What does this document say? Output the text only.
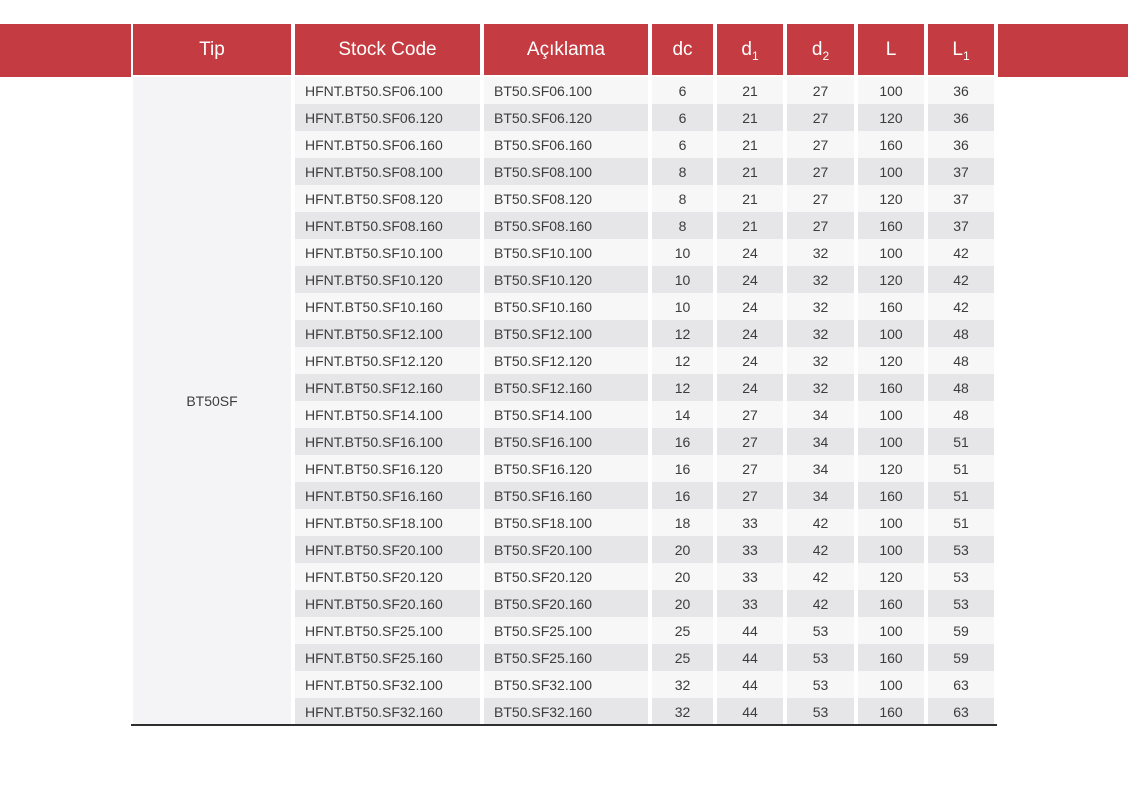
Tip	Stock Code	Açıklama	dc	$d_1$	$d_2$	L	$L_1$
BT50SF	HFNT.BT50.SF06.100	BT50.SF06.100	6	21	27	100	36
	HFNT.BT50.SF06.120	BT50.SF06.120	6	21	27	120	36
	HFNT.BT50.SF06.160	BT50.SF06.160	6	21	27	160	36
	HFNT.BT50.SF08.100	BT50.SF08.100	8	21	27	100	37
	HFNT.BT50.SF08.120	BT50.SF08.120	8	21	27	120	37
	HFNT.BT50.SF08.160	BT50.SF08.160	8	21	27	160	37
	HFNT.BT50.SF10.100	BT50.SF10.100	10	24	32	100	42
	HFNT.BT50.SF10.120	BT50.SF10.120	10	24	32	120	42
	HFNT.BT50.SF10.160	BT50.SF10.160	10	24	32	160	42
	HFNT.BT50.SF12.100	BT50.SF12.100	12	24	32	100	48
	HFNT.BT50.SF12.120	BT50.SF12.120	12	24	32	120	48
	HFNT.BT50.SF12.160	BT50.SF12.160	12	24	32	160	48
	HFNT.BT50.SF14.100	BT50.SF14.100	14	27	34	100	48
	HFNT.BT50.SF16.100	BT50.SF16.100	16	27	34	100	51
	HFNT.BT50.SF16.120	BT50.SF16.120	16	27	34	120	51
	HFNT.BT50.SF16.160	BT50.SF16.160	16	27	34	160	51
	HFNT.BT50.SF18.100	BT50.SF18.100	18	33	42	100	51
	HFNT.BT50.SF20.100	BT50.SF20.100	20	33	42	100	53
	HFNT.BT50.SF20.120	BT50.SF20.120	20	33	42	120	53
	HFNT.BT50.SF20.160	BT50.SF20.160	20	33	42	160	53
	HFNT.BT50.SF25.100	BT50.SF25.100	25	44	53	100	59
	HFNT.BT50.SF25.160	BT50.SF25.160	25	44	53	160	59
	HFNT.BT50.SF32.100	BT50.SF32.100	32	44	53	100	63
	HFNT.BT50.SF32.160	BT50.SF32.160	32	44	53	160	63
